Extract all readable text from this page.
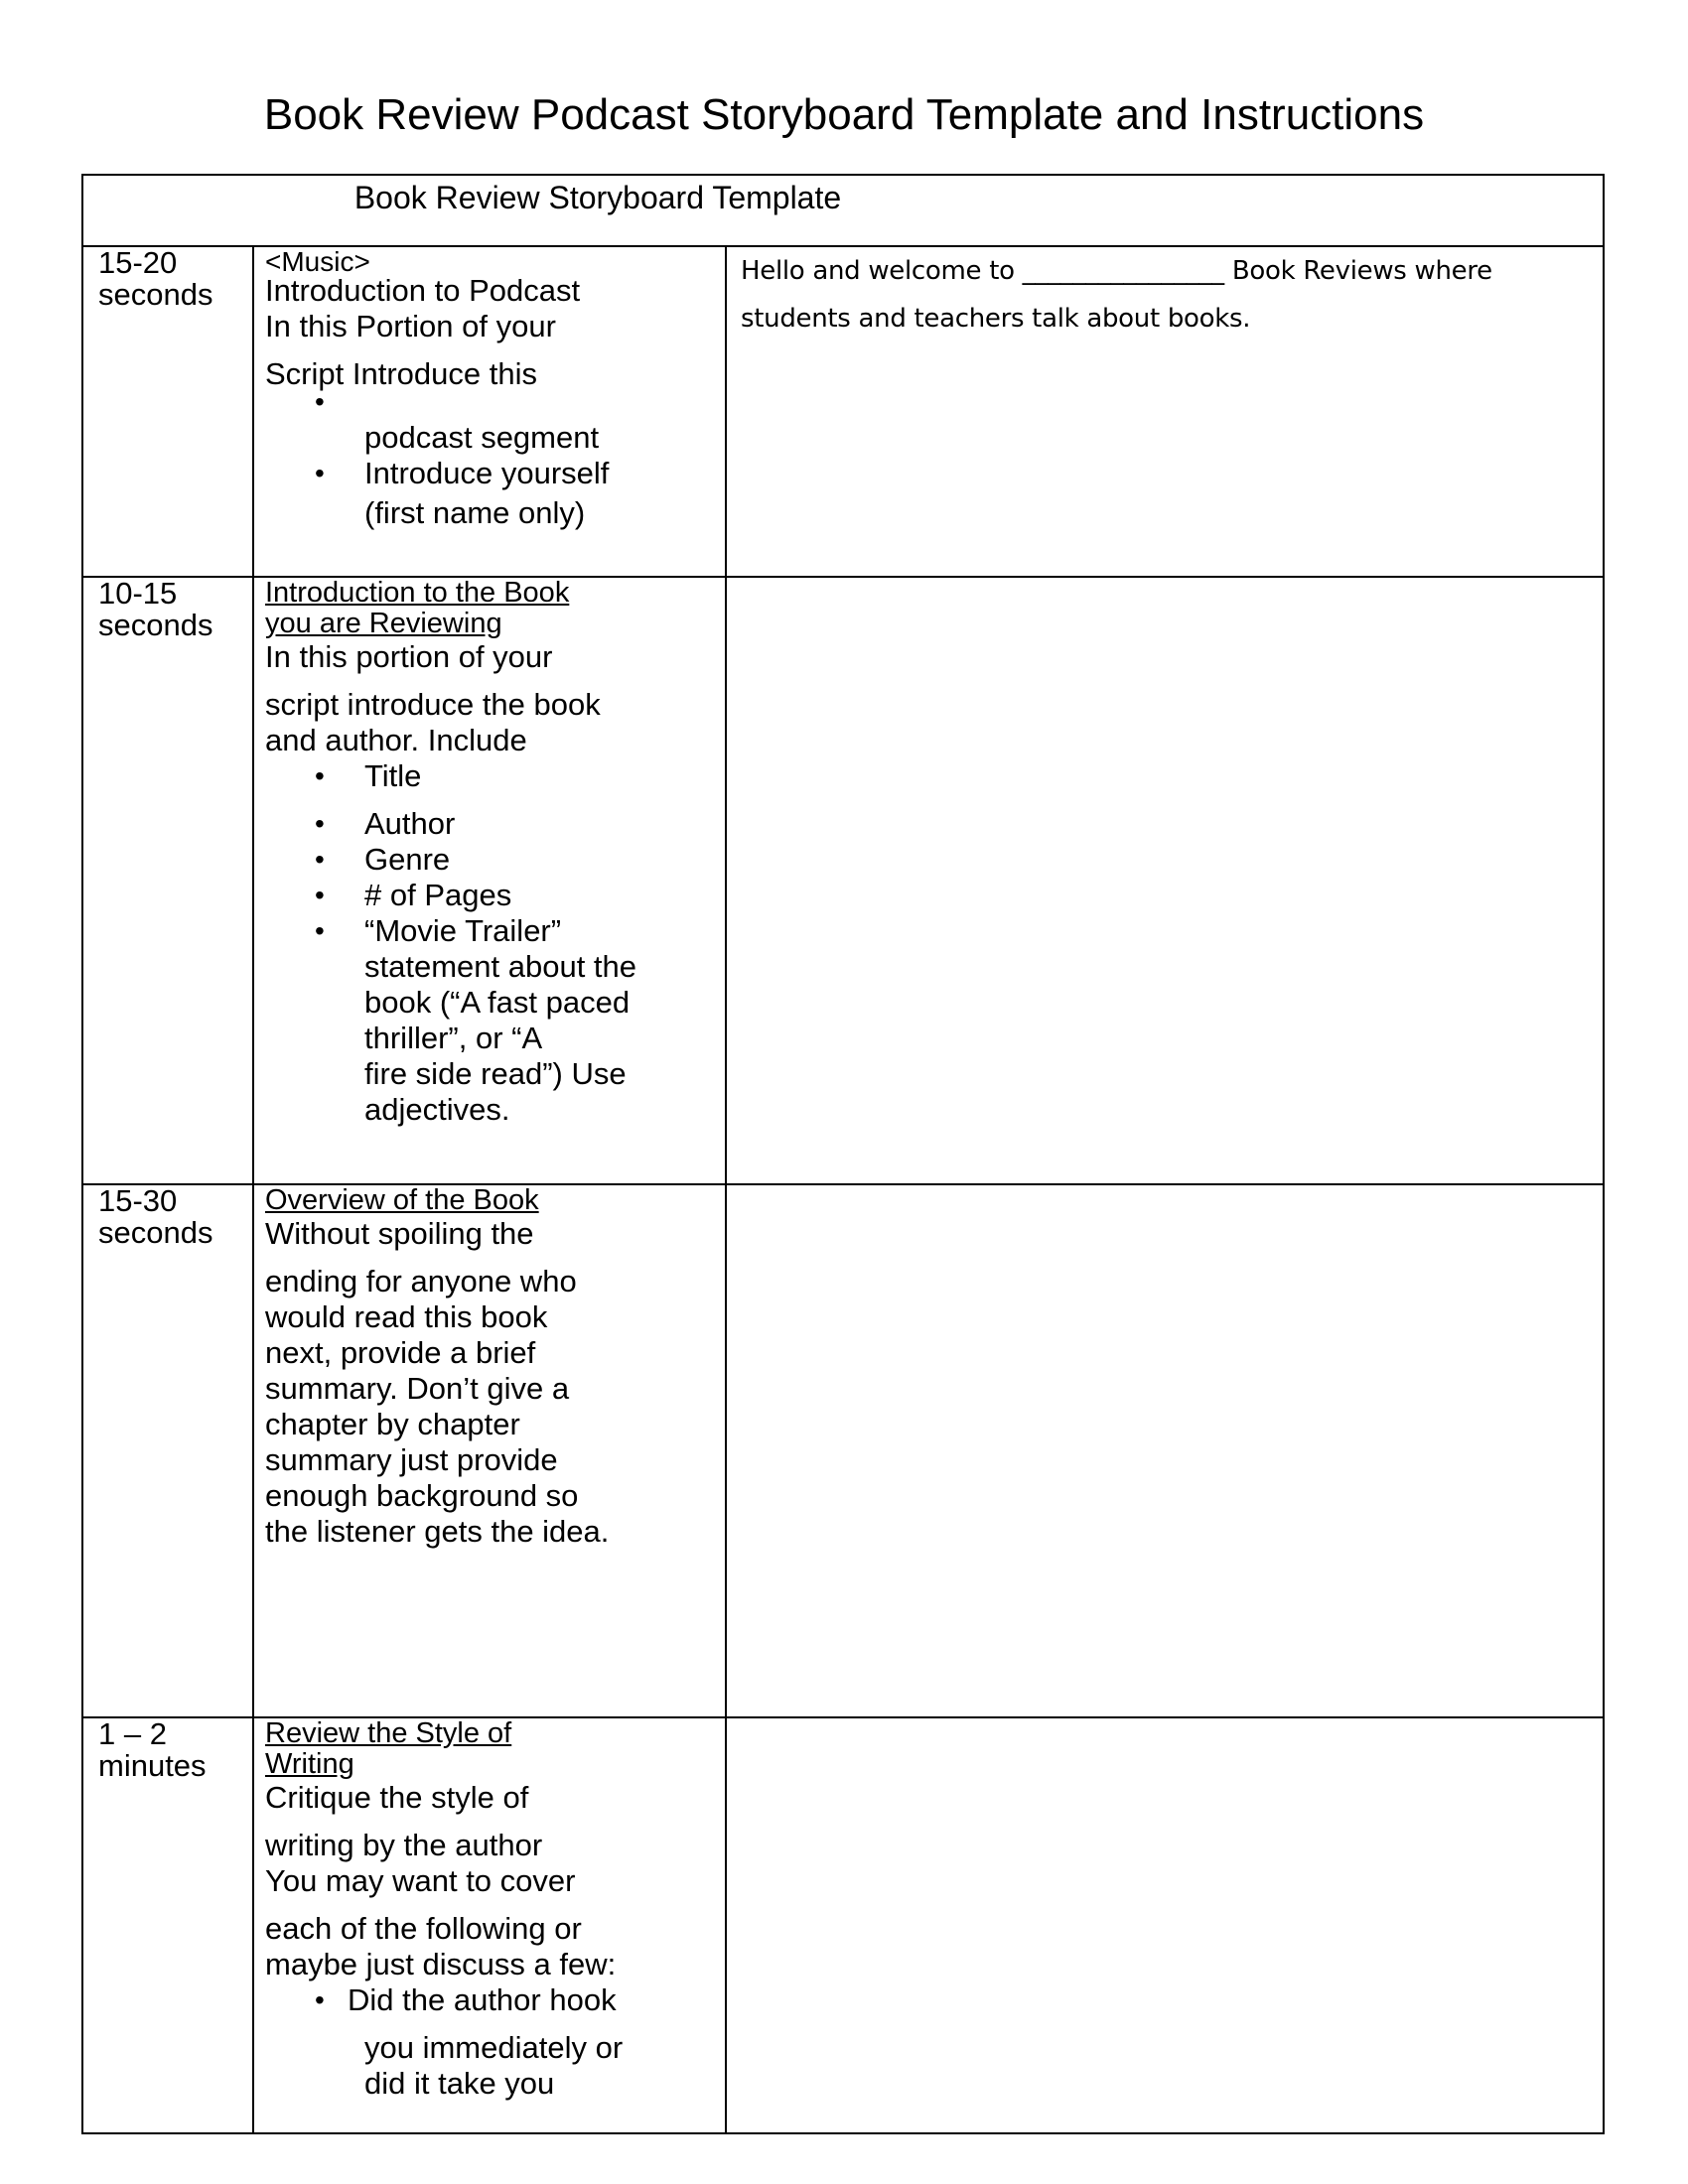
Book Review Podcast Storyboard Template and Instructions
Book Review Storyboard Template
15-20
seconds
<Music>
Introduction to Podcast
In this Portion of your
Script Introduce this
•
podcast segment
• Introduce yourself
(first name only)
Hello and welcome to ________________ Book Reviews where
students and teachers talk about books.
10-15
seconds
Introduction to the Book
you are Reviewing
In this portion of your
script introduce the book
and author. Include
• Title
• Author
• Genre
• # of Pages
• “Movie Trailer”
statement about the
book (“A fast paced
thriller”, or “A
fire side read”) Use
adjectives.
15-30
seconds
Overview of the Book
Without spoiling the
ending for anyone who
would read this book
next, provide a brief
summary. Don’t give a
chapter by chapter
summary just provide
enough background so
the listener gets the idea.
1 – 2
minutes
Review the Style of
Writing
Critique the style of
writing by the author
You may want to cover
each of the following or
maybe just discuss a few:
• Did the author hook
you immediately or
did it take you
